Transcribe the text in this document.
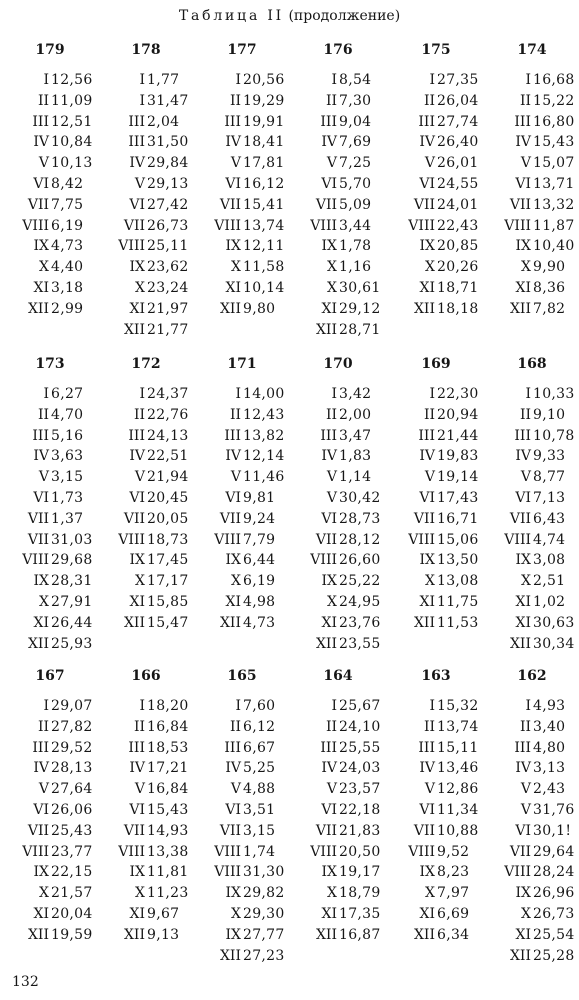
Таблица II (продолжение)
179
I 12,56
II 11,09
III 12,51
IV 10,84
V 10,13
VI 8,42
VII 7,75
VIII 6,19
IX 4,73
X 4,40
XI 3,18
XII 2,99
178
I 1,77
I 31,47
III 2,04
III 31,50
IV 29,84
V 29,13
VI 27,42
VII 26,73
VIII 25,11
IX 23,62
X 23,24
XI 21,97
XII 21,77
177
I 20,56
II 19,29
III 19,91
IV 18,41
V 17,81
VI 16,12
VII 15,41
VIII 13,74
IX 12,11
X 11,58
XI 10,14
XII 9,80
176
I 8,54
II 7,30
III 9,04
IV 7,69
V 7,25
VI 5,70
VII 5,09
VIII 3,44
IX 1,78
X 1,16
X 30,61
XI 29,12
XII 28,71
175
I 27,35
II 26,04
III 27,74
IV 26,40
V 26,01
VI 24,55
VII 24,01
VIII 22,43
IX 20,85
X 20,26
XI 18,71
XII 18,18
174
I 16,68
II 15,22
III 16,80
IV 15,43
V 15,07
VI 13,71
VII 13,32
VIII 11,87
IX 10,40
X 9,90
XI 8,36
XII 7,82
173
I 6,27
II 4,70
III 5,16
IV 3,63
V 3,15
VI 1,73
VII 1,37
VII 31,03
VIII 29,68
IX 28,31
X 27,91
XI 26,44
XII 25,93
172
I 24,37
II 22,76
III 24,13
IV 22,51
V 21,94
VI 20,45
VII 20,05
VIII 18,73
IX 17,45
X 17,17
XI 15,85
XII 15,47
171
I 14,00
II 12,43
III 13,82
IV 12,14
V 11,46
VI 9,81
VII 9,24
VIII 7,79
IX 6,44
X 6,19
XI 4,98
XII 4,73
170
I 3,42
II 2,00
III 3,47
IV 1,83
V 1,14
V 30,42
VI 28,73
VII 28,12
VIII 26,60
IX 25,22
X 24,95
XI 23,76
XII 23,55
169
I 22,30
II 20,94
III 21,44
IV 19,83
V 19,14
VI 17,43
VII 16,71
VIII 15,06
IX 13,50
X 13,08
XI 11,75
XII 11,53
168
I 10,33
II 9,10
III 10,78
IV 9,33
V 8,77
VI 7,13
VII 6,43
VIII 4,74
IX 3,08
X 2,51
XI 1,02
XI 30,63
XII 30,34
167
I 29,07
II 27,82
III 29,52
IV 28,13
V 27,64
VI 26,06
VII 25,43
VIII 23,77
IX 22,15
X 21,57
XI 20,04
XII 19,59
166
I 18,20
II 16,84
III 18,53
IV 17,21
V 16,84
VI 15,43
VII 14,93
VIII 13,38
IX 11,81
X 11,23
XI 9,67
XII 9,13
165
I 7,60
II 6,12
III 6,67
IV 5,25
V 4,88
VI 3,51
VII 3,15
VIII 1,74
VIII 31,30
IX 29,82
X 29,30
IX 27,77
XII 27,23
164
I 25,67
II 24,10
III 25,55
IV 24,03
V 23,57
VI 22,18
VII 21,83
VIII 20,50
IX 19,17
X 18,79
XI 17,35
XII 16,87
163
I 15,32
II 13,74
III 15,11
IV 13,46
V 12,86
VI 11,34
VII 10,88
VIII 9,52
IX 8,23
X 7,97
XI 6,69
XII 6,34
162
I 4,93
II 3,40
III 4,80
IV 3,13
V 2,43
V 31,76
VI 30,1!
VII 29,64
VIII 28,24
IX 26,96
X 26,73
XI 25,54
XII 25,28
132
